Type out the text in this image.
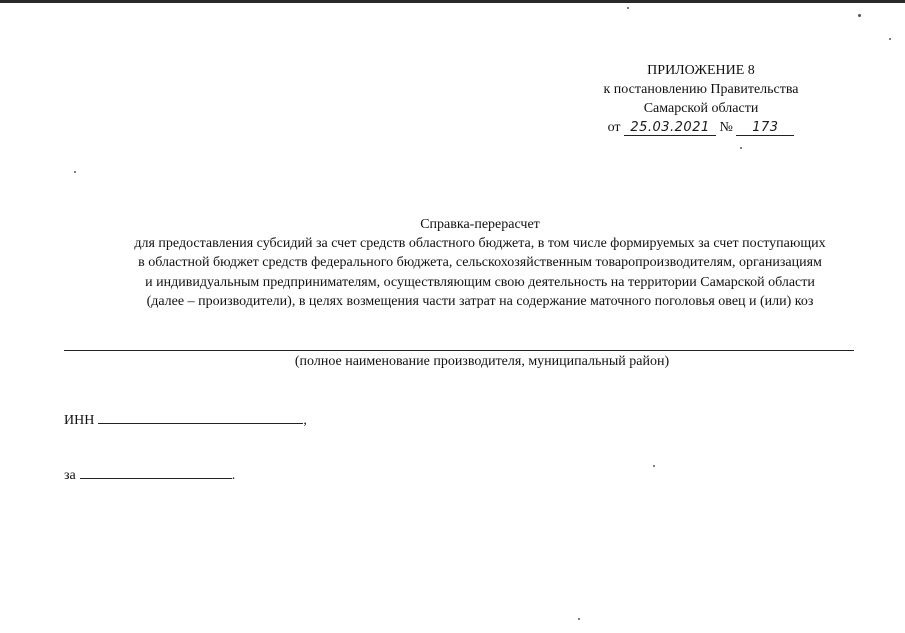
ПРИЛОЖЕНИЕ 8
к постановлению Правительства
Самарской области
от 25.03.2021 № 173
Справка-перерасчет
для предоставления субсидий за счет средств областного бюджета, в том числе формируемых за счет поступающих
в областной бюджет средств федерального бюджета, сельскохозяйственным товаропроизводителям, организациям
и индивидуальным предпринимателям, осуществляющим свою деятельность на территории Самарской области
(далее – производители), в целях возмещения части затрат на содержание маточного поголовья овец и (или) коз
(полное наименование производителя, муниципальный район)
ИНН	,
за	.
